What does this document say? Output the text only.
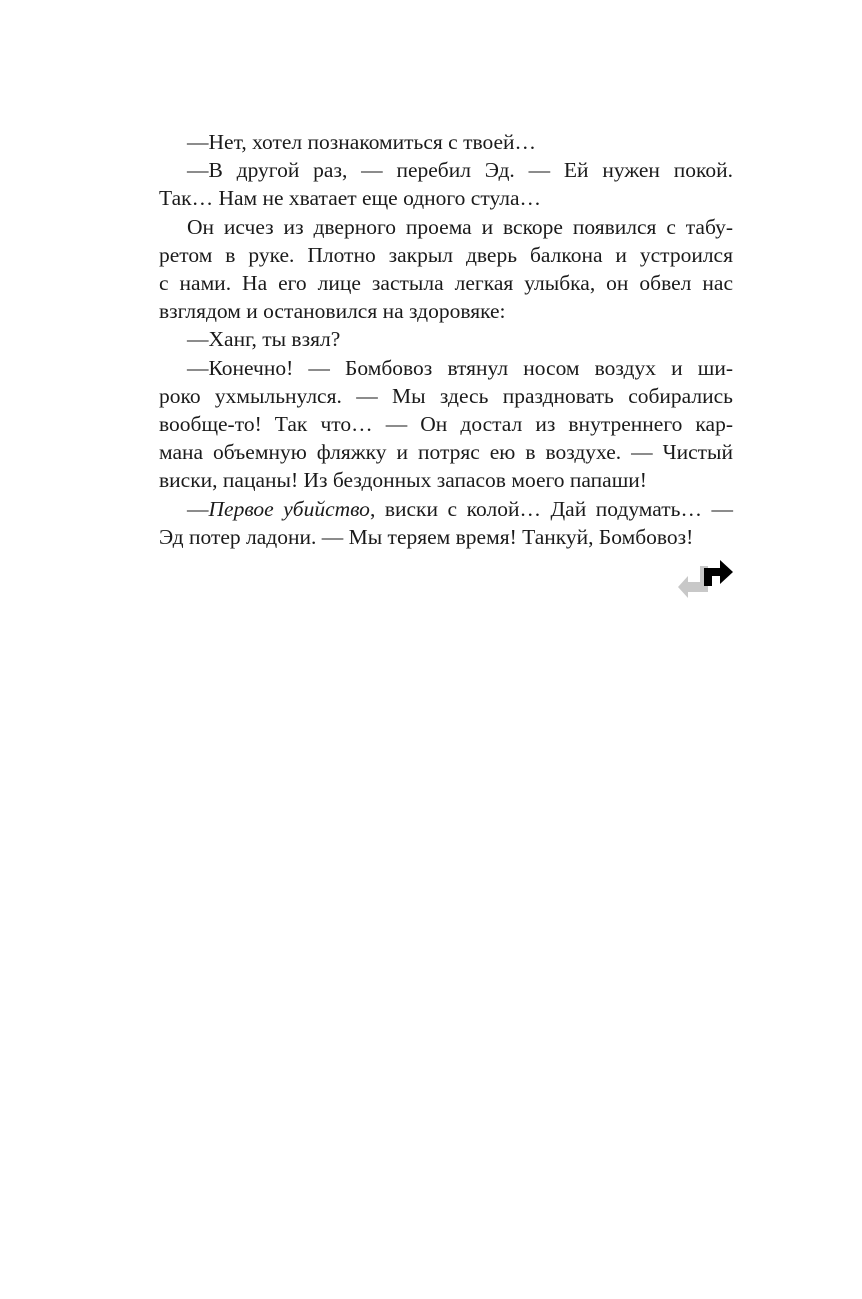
—Нет, хотел познакомиться с твоей…
—В другой раз, — перебил Эд. — Ей нужен покой.
Так… Нам не хватает еще одного стула…
Он исчез из дверного проема и вскоре появился с табу-
ретом в руке. Плотно закрыл дверь балкона и устроился
с нами. На его лице застыла легкая улыбка, он обвел нас
взглядом и остановился на здоровяке:
—Ханг, ты взял?
—Конечно! — Бомбовоз втянул носом воздух и ши-
роко ухмыльнулся. — Мы здесь праздновать собирались
вообще-то! Так что… — Он достал из внутреннего кар-
мана объемную фляжку и потряс ею в воздухе. — Чистый
виски, пацаны! Из бездонных запасов моего папаши!
—Первое убийство, виски с колой… Дай подумать… —
Эд потер ладони. — Мы теряем время! Танкуй, Бомбовоз!
